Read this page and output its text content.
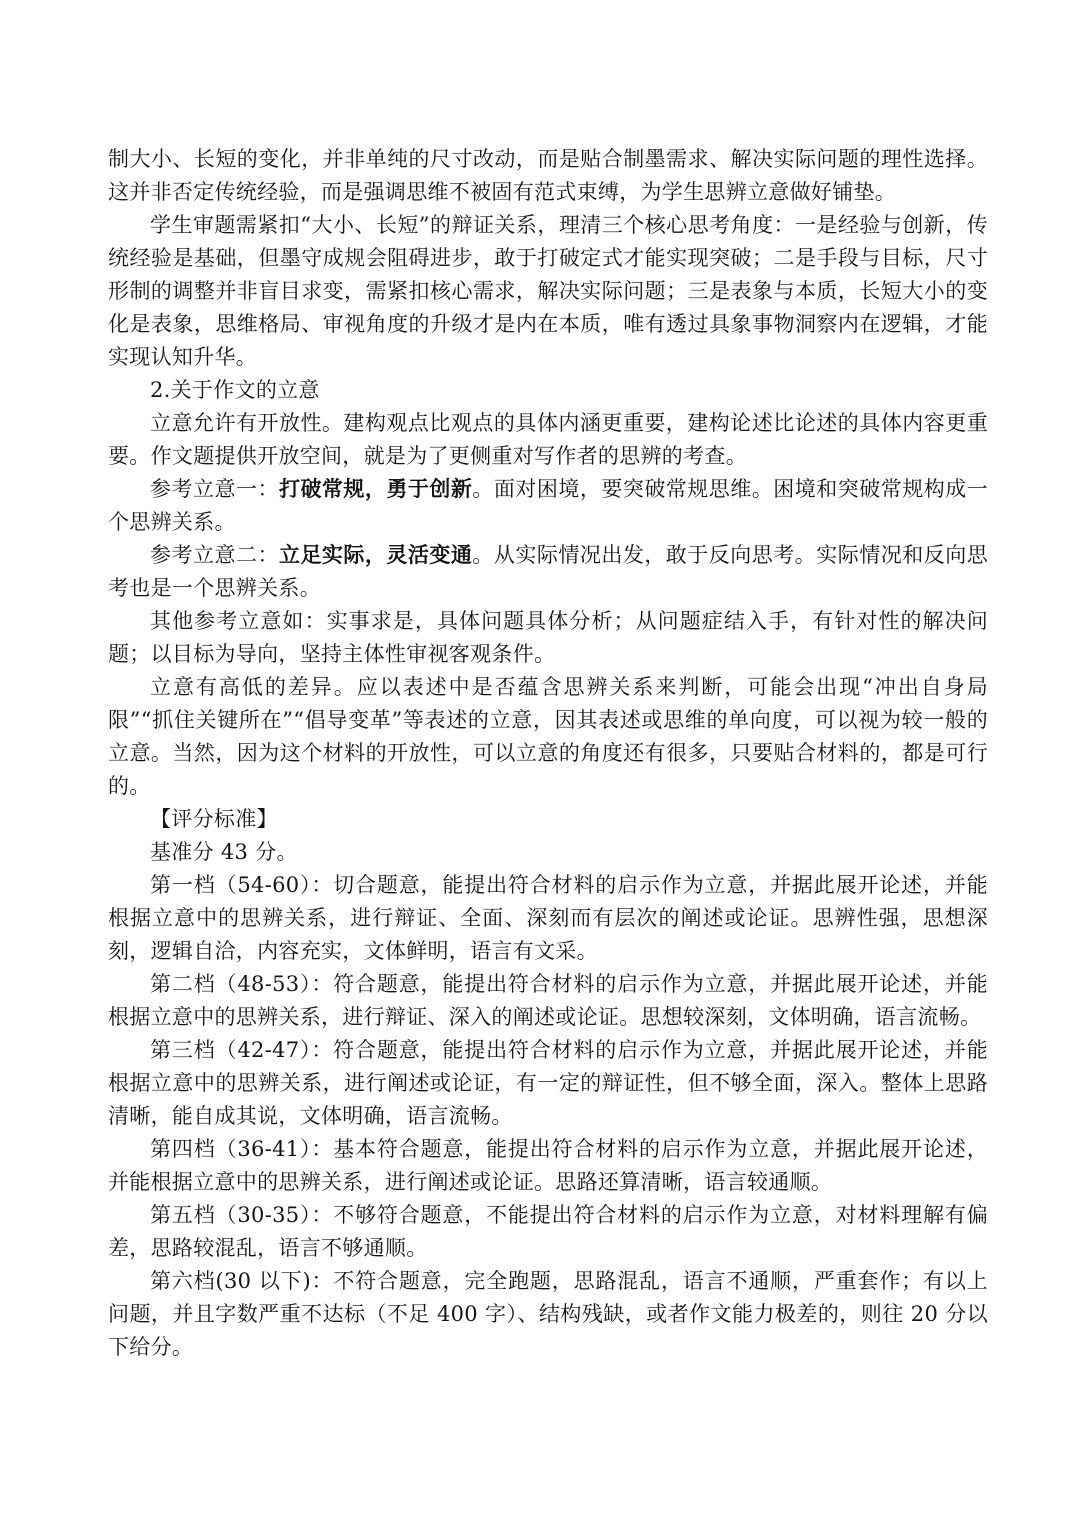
制大小、长短的变化，并非单纯的尺寸改动，而是贴合制墨需求、解决实际问题的理性选择。这并非否定传统经验，而是强调思维不被固有范式束缚，为学生思辨立意做好铺垫。

学生审题需紧扣“大小、长短”的辩证关系，理清三个核心思考角度：一是经验与创新，传统经验是基础，但墨守成规会阻碍进步，敢于打破定式才能实现突破；二是手段与目标，尺寸形制的调整并非盲目求变，需紧扣核心需求，解决实际问题；三是表象与本质，长短大小的变化是表象，思维格局、审视角度的升级才是内在本质，唯有透过具象事物洞察内在逻辑，才能实现认知升华。

2.关于作文的立意

立意允许有开放性。建构观点比观点的具体内涵更重要，建构论述比论述的具体内容更重要。作文题提供开放空间，就是为了更侧重对写作者的思辨的考查。

参考立意一：打破常规，勇于创新。面对困境，要突破常规思维。困境和突破常规构成一个思辨关系。

参考立意二：立足实际，灵活变通。从实际情况出发，敢于反向思考。实际情况和反向思考也是一个思辨关系。

其他参考立意如：实事求是，具体问题具体分析；从问题症结入手，有针对性的解决问题；以目标为导向，坚持主体性审视客观条件。

立意有高低的差异。应以表述中是否蕴含思辨关系来判断，可能会出现“冲出自身局限”“抓住关键所在”“倡导变革”等表述的立意，因其表述或思维的单向度，可以视为较一般的立意。当然，因为这个材料的开放性，可以立意的角度还有很多，只要贴合材料的，都是可行的。

【评分标准】

基准分 43 分。

第一档（54-60）：切合题意，能提出符合材料的启示作为立意，并据此展开论述，并能根据立意中的思辨关系，进行辩证、全面、深刻而有层次的阐述或论证。思辨性强，思想深刻，逻辑自洽，内容充实，文体鲜明，语言有文采。

第二档（48-53）：符合题意，能提出符合材料的启示作为立意，并据此展开论述，并能根据立意中的思辨关系，进行辩证、深入的阐述或论证。思想较深刻，文体明确，语言流畅。

第三档（42-47）：符合题意，能提出符合材料的启示作为立意，并据此展开论述，并能根据立意中的思辨关系，进行阐述或论证，有一定的辩证性，但不够全面，深入。整体上思路清晰，能自成其说，文体明确，语言流畅。

第四档（36-41）：基本符合题意，能提出符合材料的启示作为立意，并据此展开论述，并能根据立意中的思辨关系，进行阐述或论证。思路还算清晰，语言较通顺。

第五档（30-35）：不够符合题意，不能提出符合材料的启示作为立意，对材料理解有偏差，思路较混乱，语言不够通顺。

第六档(30 以下)：不符合题意，完全跑题，思路混乱，语言不通顺，严重套作；有以上问题，并且字数严重不达标（不足 400 字）、结构残缺，或者作文能力极差的，则往 20 分以下给分。
